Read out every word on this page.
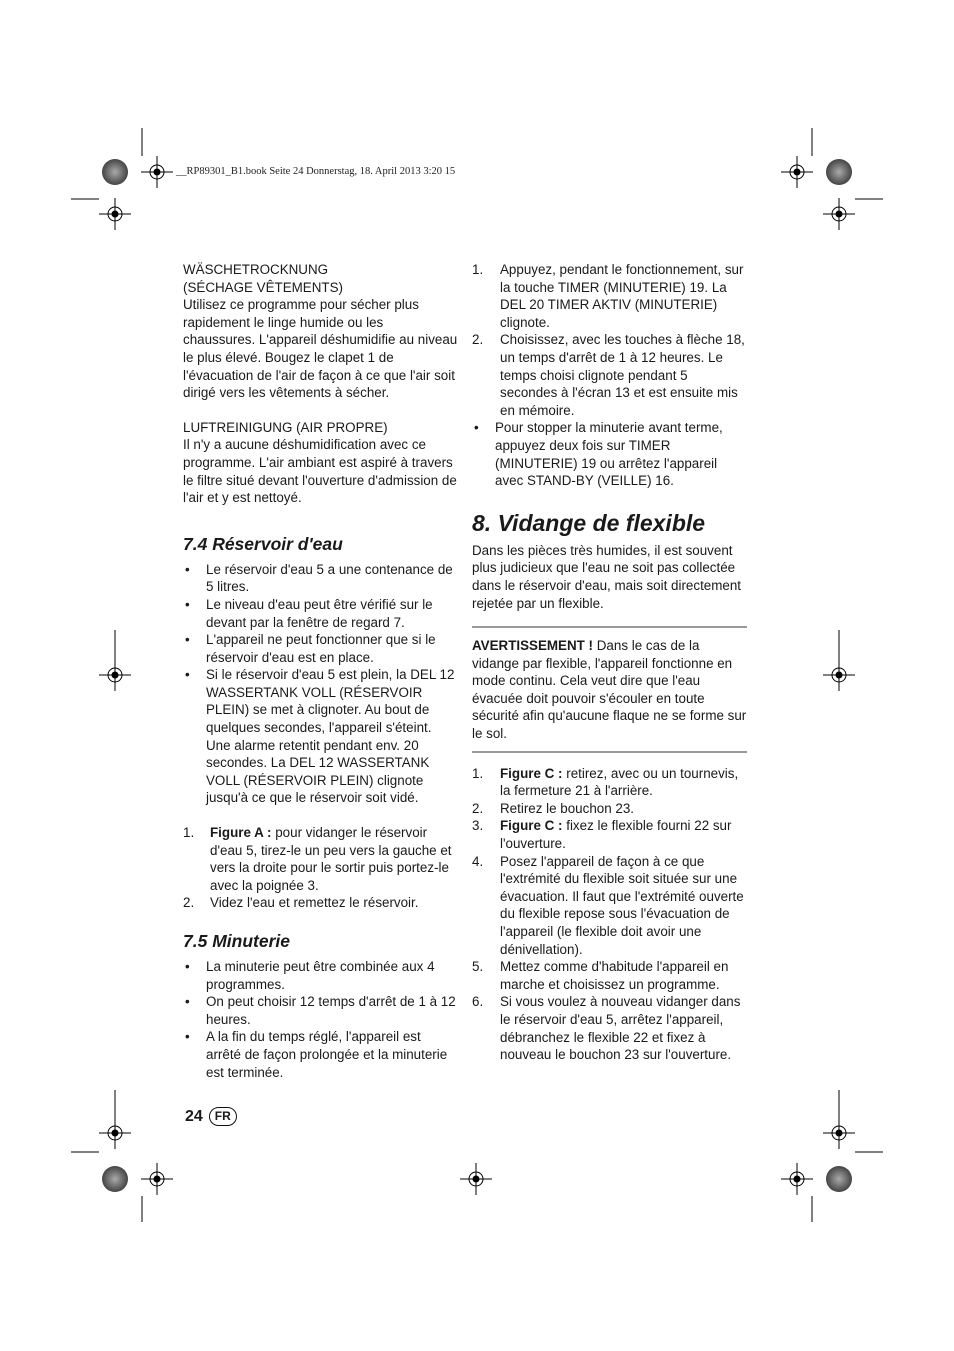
__RP89301_B1.book Seite 24 Donnerstag, 18. April 2013 3:20 15

WÄSCHETROCKNUNG

(SÉCHAGE VÊTEMENTS)

Utilisez ce programme pour sécher plus rapidement le linge humide ou les chaussures. L'appareil déshumidifie au niveau le plus élevé. Bougez le clapet 1 de l'évacuation de l'air de façon à ce que l'air soit dirigé vers les vêtements à sécher.

LUFTREINIGUNG (AIR PROPRE)

Il n'y a aucune déshumidification avec ce programme. L'air ambiant est aspiré à travers le filtre situé devant l'ouverture d'admission de l'air et y est nettoyé.

7.4 Réservoir d'eau
• Le réservoir d'eau 5 a une contenance de 5 litres.
• Le niveau d'eau peut être vérifié sur le devant par la fenêtre de regard 7.
• L'appareil ne peut fonctionner que si le réservoir d'eau est en place.
• Si le réservoir d'eau 5 est plein, la DEL 12 WASSERTANK VOLL (RÉSERVOIR PLEIN) se met à clignoter. Au bout de quelques secondes, l'appareil s'éteint. Une alarme retentit pendant env. 20 secondes. La DEL 12 WASSERTANK VOLL (RÉSERVOIR PLEIN) clignote jusqu'à ce que le réservoir soit vidé.
1.	Figure A : pour vidanger le réservoir d'eau 5, tirez-le un peu vers la gauche et vers la droite pour le sortir puis portez-le avec la poignée 3.
2.	Videz l'eau et remettez le réservoir.
7.5 Minuterie
• La minuterie peut être combinée aux 4 programmes.
• On peut choisir 12 temps d'arrêt de 1 à 12 heures.
• A la fin du temps réglé, l'appareil est arrêté de façon prolongée et la minuterie est terminée.
1.	Appuyez, pendant le fonctionnement, sur la touche TIMER (MINUTERIE) 19. La DEL 20 TIMER AKTIV (MINUTERIE) clignote.
2.	Choisissez, avec les touches à flèche 18, un temps d'arrêt de 1 à 12 heures. Le temps choisi clignote pendant 5 secondes à l'écran 13 et est ensuite mis en mémoire.
• Pour stopper la minuterie avant terme, appuyez deux fois sur TIMER (MINUTERIE) 19 ou arrêtez l'appareil avec STAND-BY (VEILLE) 16.
8. Vidange de flexible

Dans les pièces très humides, il est souvent plus judicieux que l'eau ne soit pas collectée dans le réservoir d'eau, mais soit directement rejetée par un flexible.

AVERTISSEMENT ! Dans le cas de la vidange par flexible, l'appareil fonctionne en mode continu. Cela veut dire que l'eau évacuée doit pouvoir s'écouler en toute sécurité afin qu'aucune flaque ne se forme sur le sol.

1.	Figure C : retirez, avec ou un tournevis, la fermeture 21 à l'arrière.
2.	Retirez le bouchon 23.
3.	Figure C : fixez le flexible fourni 22 sur l'ouverture.
4.	Posez l'appareil de façon à ce que l'extrémité du flexible soit située sur une évacuation. Il faut que l'extrémité ouverte du flexible repose sous l'évacuation de l'appareil (le flexible doit avoir une dénivellation).
5.	Mettez comme d'habitude l'appareil en marche et choisissez un programme.
6.	Si vous voulez à nouveau vidanger dans le réservoir d'eau 5, arrêtez l'appareil, débranchez le flexible 22 et fixez à nouveau le bouchon 23 sur l'ouverture.
24	FR
